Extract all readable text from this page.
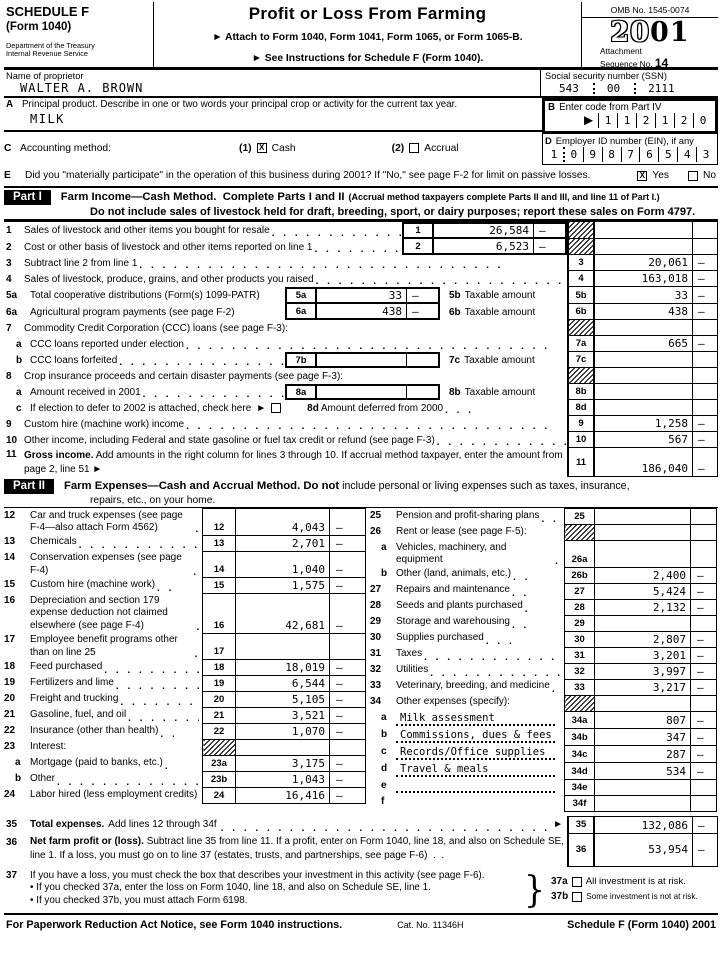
SCHEDULE F
(Form 1040)
Department of the Treasury
Internal Revenue Service
Profit or Loss From Farming
► Attach to Form 1040, Form 1041, Form 1065, or Form 1065-B.
► See Instructions for Schedule F (Form 1040).
OMB No. 1545-0074
2001
Attachment
Sequence No. 14
Name of proprietor
WALTER A. BROWN
Social security number (SSN)
543	00	2111
A Principal product. Describe in one or two words your principal crop or activity for the current tax year.
MILK
C Accounting method:	(1) X Cash	(2) Accrual
B Enter code from Part IV
►
1	1	2	1	2	0
D Employer ID number (EIN), if any
1	0	9	8	7	6	5	4	3
E	Did you "materially participate" in the operation of this business during 2001? If "No," see page F-2 for limit on passive losses.	X Yes	No
Part I	Farm Income—Cash Method. Complete Parts I and II (Accrual method taxpayers complete Parts II and III, and line 11 of Part I.)
Do not include sales of livestock held for draft, breeding, sport, or dairy purposes; report these sales on Form 4797.
1	Sales of livestock and other items you bought for resale . .	1	26,584 –
2	Cost or other basis of livestock and other items reported on line 1 . .	2	6,523 –
3	Subtract line 2 from line 1 . .	3	20,061 –
4	Sales of livestock, produce, grains, and other products you raised . .	4	163,018 –
5a	Total cooperative distributions (Form(s) 1099-PATR)	5a	33 –	5b Taxable amount	5b	33 –
6a	Agricultural program payments (see page F-2)	6a	438 –	6b Taxable amount	6b	438 –
7	Commodity Credit Corporation (CCC) loans (see page F-3):
a CCC loans reported under election . .	7a	665 –
b CCC loans forfeited . .	7b	7c Taxable amount	7c
8	Crop insurance proceeds and certain disaster payments (see page F-3):
a Amount received in 2001 . .	8a	8b Taxable amount	8b
c If election to defer to 2002 is attached, check here ►	8d Amount deferred from 2000 . .	8d
9	Custom hire (machine work) income . .	9	1,258 –
10 Other income, including Federal and state gasoline or fuel tax credit or refund (see page F-3) . .	10	567 –
11 Gross income. Add amounts in the right column for lines 3 through 10. If accrual method taxpayer, enter the amount from page 2, line 51 ►
11	186,040 –
Part II	Farm Expenses—Cash and Accrual Method. Do not include personal or living expenses such as taxes, insurance,
repairs, etc., on your home.
12	Car and truck expenses (see page F-4—also attach Form 4562)
. .	12	4,043	–

13	Chemicals
. .	13	2,701	–

14	Conservation expenses (see page F-4)
. .	14	1,040	–

15	Custom hire (machine work)
. .	15	1,575	–

16	Depreciation and section 179 expense deduction not claimed elsewhere (see page F-4)
. .	16	42,681	–

17	Employee benefit programs other than on line 25
. .	17		

18	Feed purchased
. .	18	18,019	–

19	Fertilizers and lime
. .	19	6,544	–

20	Freight and trucking
. .	20	5,105	–

21	Gasoline, fuel, and oil
. .	21	3,521	–

22	Insurance (other than health)
. .	22	1,070	–

23	Interest:

a Mortgage (paid to banks, etc.)
. .	23a	3,175	–

b Other
. .	23b	1,043	–

24	Labor hired (less employment credits)	24	16,416	–
25	Pension and profit-sharing plans
. .	25		

26	Rent or lease (see page F-5):

a Vehicles, machinery, and equipment
. .	26a		

b Other (land, animals, etc.)
. .	26b	2,400	–

27	Repairs and maintenance
. .	27	5,424	–

28	Seeds and plants purchased
. .	28	2,132	–

29	Storage and warehousing
. .	29		

30	Supplies purchased
. .	30	2,807	–

31	Taxes
. .	31	3,201	–

32	Utilities
. .	32	3,997	–

33	Veterinary, breeding, and medicine
. .	33	3,217	–

34	Other expenses (specify):

a	Milk assessment	34a	807	–

b	Commissions, dues & fees	34b	347	–

c	Records/Office supplies	34c	287	–

d	Travel & meals	34d	534	–

e	34e		

f	34f		
35 Total expenses. Add lines 12 through 34f . . ►	35	132,086 –
36 Net farm profit or (loss). Subtract line 35 from line 11. If a profit, enter on Form 1040, line 18, and also on Schedule SE, line 1. If a loss, you must go on to line 37 (estates, trusts, and partnerships, see page F-6)  .  .
36	53,954 –
37	If you have a loss, you must check the box that describes your investment in this activity (see page F-6).
• If you checked 37a, enter the loss on Form 1040, line 18, and also on Schedule SE, line 1.
• If you checked 37b, you must attach Form 6198.	} 37a All investment is at risk.
37b Some investment is not at risk.
For Paperwork Reduction Act Notice, see Form 1040 instructions.	Cat. No. 11346H	Schedule F (Form 1040) 2001
